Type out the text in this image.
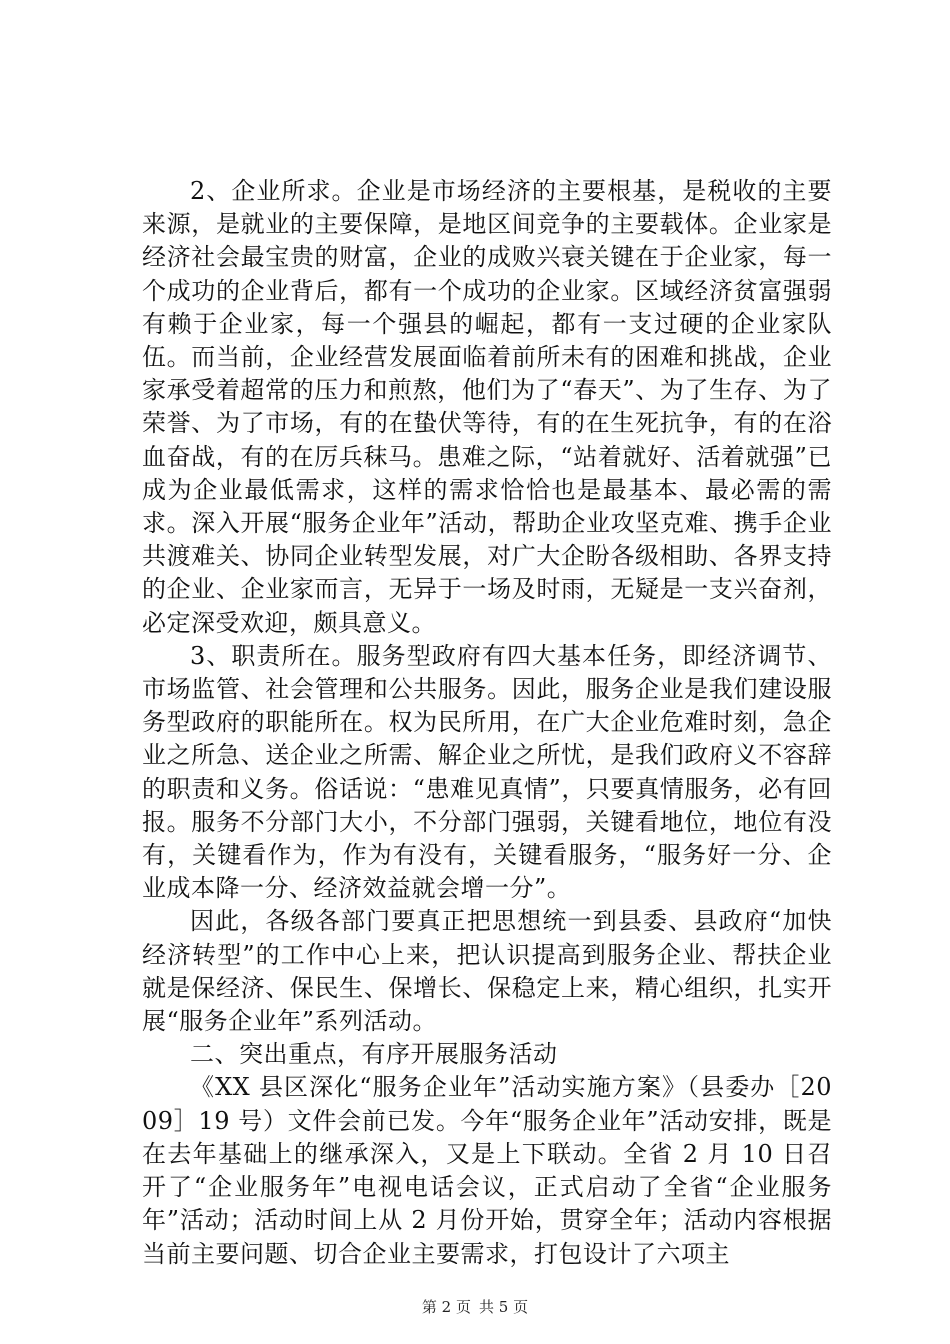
2、企业所求。企业是市场经济的主要根基，是税收的主要来源，是就业的主要保障，是地区间竞争的主要载体。企业家是经济社会最宝贵的财富，企业的成败兴衰关键在于企业家，每一个成功的企业背后，都有一个成功的企业家。区域经济贫富强弱有赖于企业家，每一个强县的崛起，都有一支过硬的企业家队伍。而当前，企业经营发展面临着前所未有的困难和挑战，企业家承受着超常的压力和煎熬，他们为了“春天”、为了生存、为了荣誉、为了市场，有的在蛰伏等待，有的在生死抗争，有的在浴血奋战，有的在厉兵秣马。患难之际，“站着就好、活着就强”已成为企业最低需求，这样的需求恰恰也是最基本、最必需的需求。深入开展“服务企业年”活动，帮助企业攻坚克难、携手企业共渡难关、协同企业转型发展，对广大企盼各级相助、各界支持的企业、企业家而言，无异于一场及时雨，无疑是一支兴奋剂，必定深受欢迎，颇具意义。

3、职责所在。服务型政府有四大基本任务，即经济调节、市场监管、社会管理和公共服务。因此，服务企业是我们建设服务型政府的职能所在。权为民所用，在广大企业危难时刻，急企业之所急、送企业之所需、解企业之所忧，是我们政府义不容辞的职责和义务。俗话说：“患难见真情”，只要真情服务，必有回报。服务不分部门大小，不分部门强弱，关键看地位，地位有没有，关键看作为，作为有没有，关键看服务，“服务好一分、企业成本降一分、经济效益就会增一分”。

因此，各级各部门要真正把思想统一到县委、县政府“加快经济转型”的工作中心上来，把认识提高到服务企业、帮扶企业就是保经济、保民生、保增长、保稳定上来，精心组织，扎实开展“服务企业年”系列活动。

二、突出重点，有序开展服务活动

《XX 县区深化“服务企业年”活动实施方案》（县委办［2009］19 号）文件会前已发。今年“服务企业年”活动安排，既是在去年基础上的继承深入，又是上下联动。全省 2 月 10 日召开了“企业服务年”电视电话会议，正式启动了全省“企业服务年”活动；活动时间上从 2 月份开始，贯穿全年；活动内容根据当前主要问题、切合企业主要需求，打包设计了六项主

第 2 页 共 5 页
